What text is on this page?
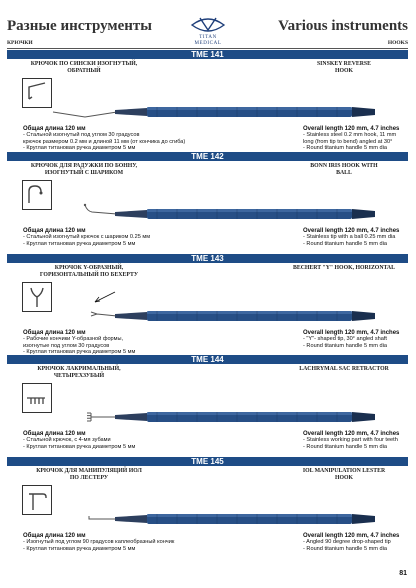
Разные инструменты	Various instruments
TITAN
MEDICAL
КРЮЧКИ	HOOKS
TME 141
КРЮЧОК ПО СИНСКИ ИЗОГНУТЫЙ,
ОБРАТНЫЙ
SINSKEY REVERSE
HOOK
Общая длина 120 мм
- Стальной изогнутый под углом 30 градусов
крючок размером 0.2 мм и длиной 11 мм (от кончика до сгиба)
- Круглая титановая ручка диаметром 5 мм
Overall length 120 mm, 4.7 inches
- Stainless steel 0.2 mm hook, 11 mm
long (from tip to bend) angled at 30°
- Round titanium handle 5 mm dia
TME 142
КРЮЧОК ДЛЯ РАДУЖКИ ПО БОННУ,
ИЗОГНУТЫЙ С ШАРИКОМ
BONN IRIS HOOK WITH
BALL
Общая длина 120 мм
- Стальной изогнутый крючок с шариком 0.25 мм
- Круглая титановая ручка диаметром 5 мм
Overall length 120 mm, 4.7 inches
- Stainless tip with a ball 0.25 mm dia
- Round titanium handle 5 mm dia
TME 143
КРЮЧОК Y-ОБРАЗНЫЙ,
ГОРИЗОНТАЛЬНЫЙ ПО БЕХЕРТУ
BECHERT "Y" HOOK, HORIZONTAL
Общая длина 120 мм
- Рабочие кончики Y-образной формы,
изогнутые под углом 30 градусов
- Круглая титановая ручка диаметром 5 мм
Overall length 120 mm, 4.7 inches
- "Y"- shaped tip, 30° angled shaft
- Round titanium handle 5 mm dia
TME 144
КРЮЧОК ЛАКРИМАЛЬНЫЙ,
ЧЕТЫРЕХЗУБЫЙ
LACHRYMAL SAC RETRACTOR
Общая длина 120 мм
- Стальной крючок, с 4-мя зубами
- Круглая титановая ручка диаметром 5 мм
Overall length 120 mm, 4.7 inches
- Stainless working part with four teeth
- Round titanium handle 5 mm dia
TME 145
КРЮЧОК ДЛЯ МАНИПУЛЯЦИЙ ИОЛ
ПО ЛЕСТЕРУ
IOL MANIPULATION LESTER
HOOK
Общая длина 120 мм
- Изогнутый под углом 90 градусов каплеобразный кончик
- Круглая титановая ручка диаметром 5 мм
Overall length 120 mm, 4.7 inches
- Angled 90 degree drop-shaped tip
- Round titanium handle 5 mm dia
81
